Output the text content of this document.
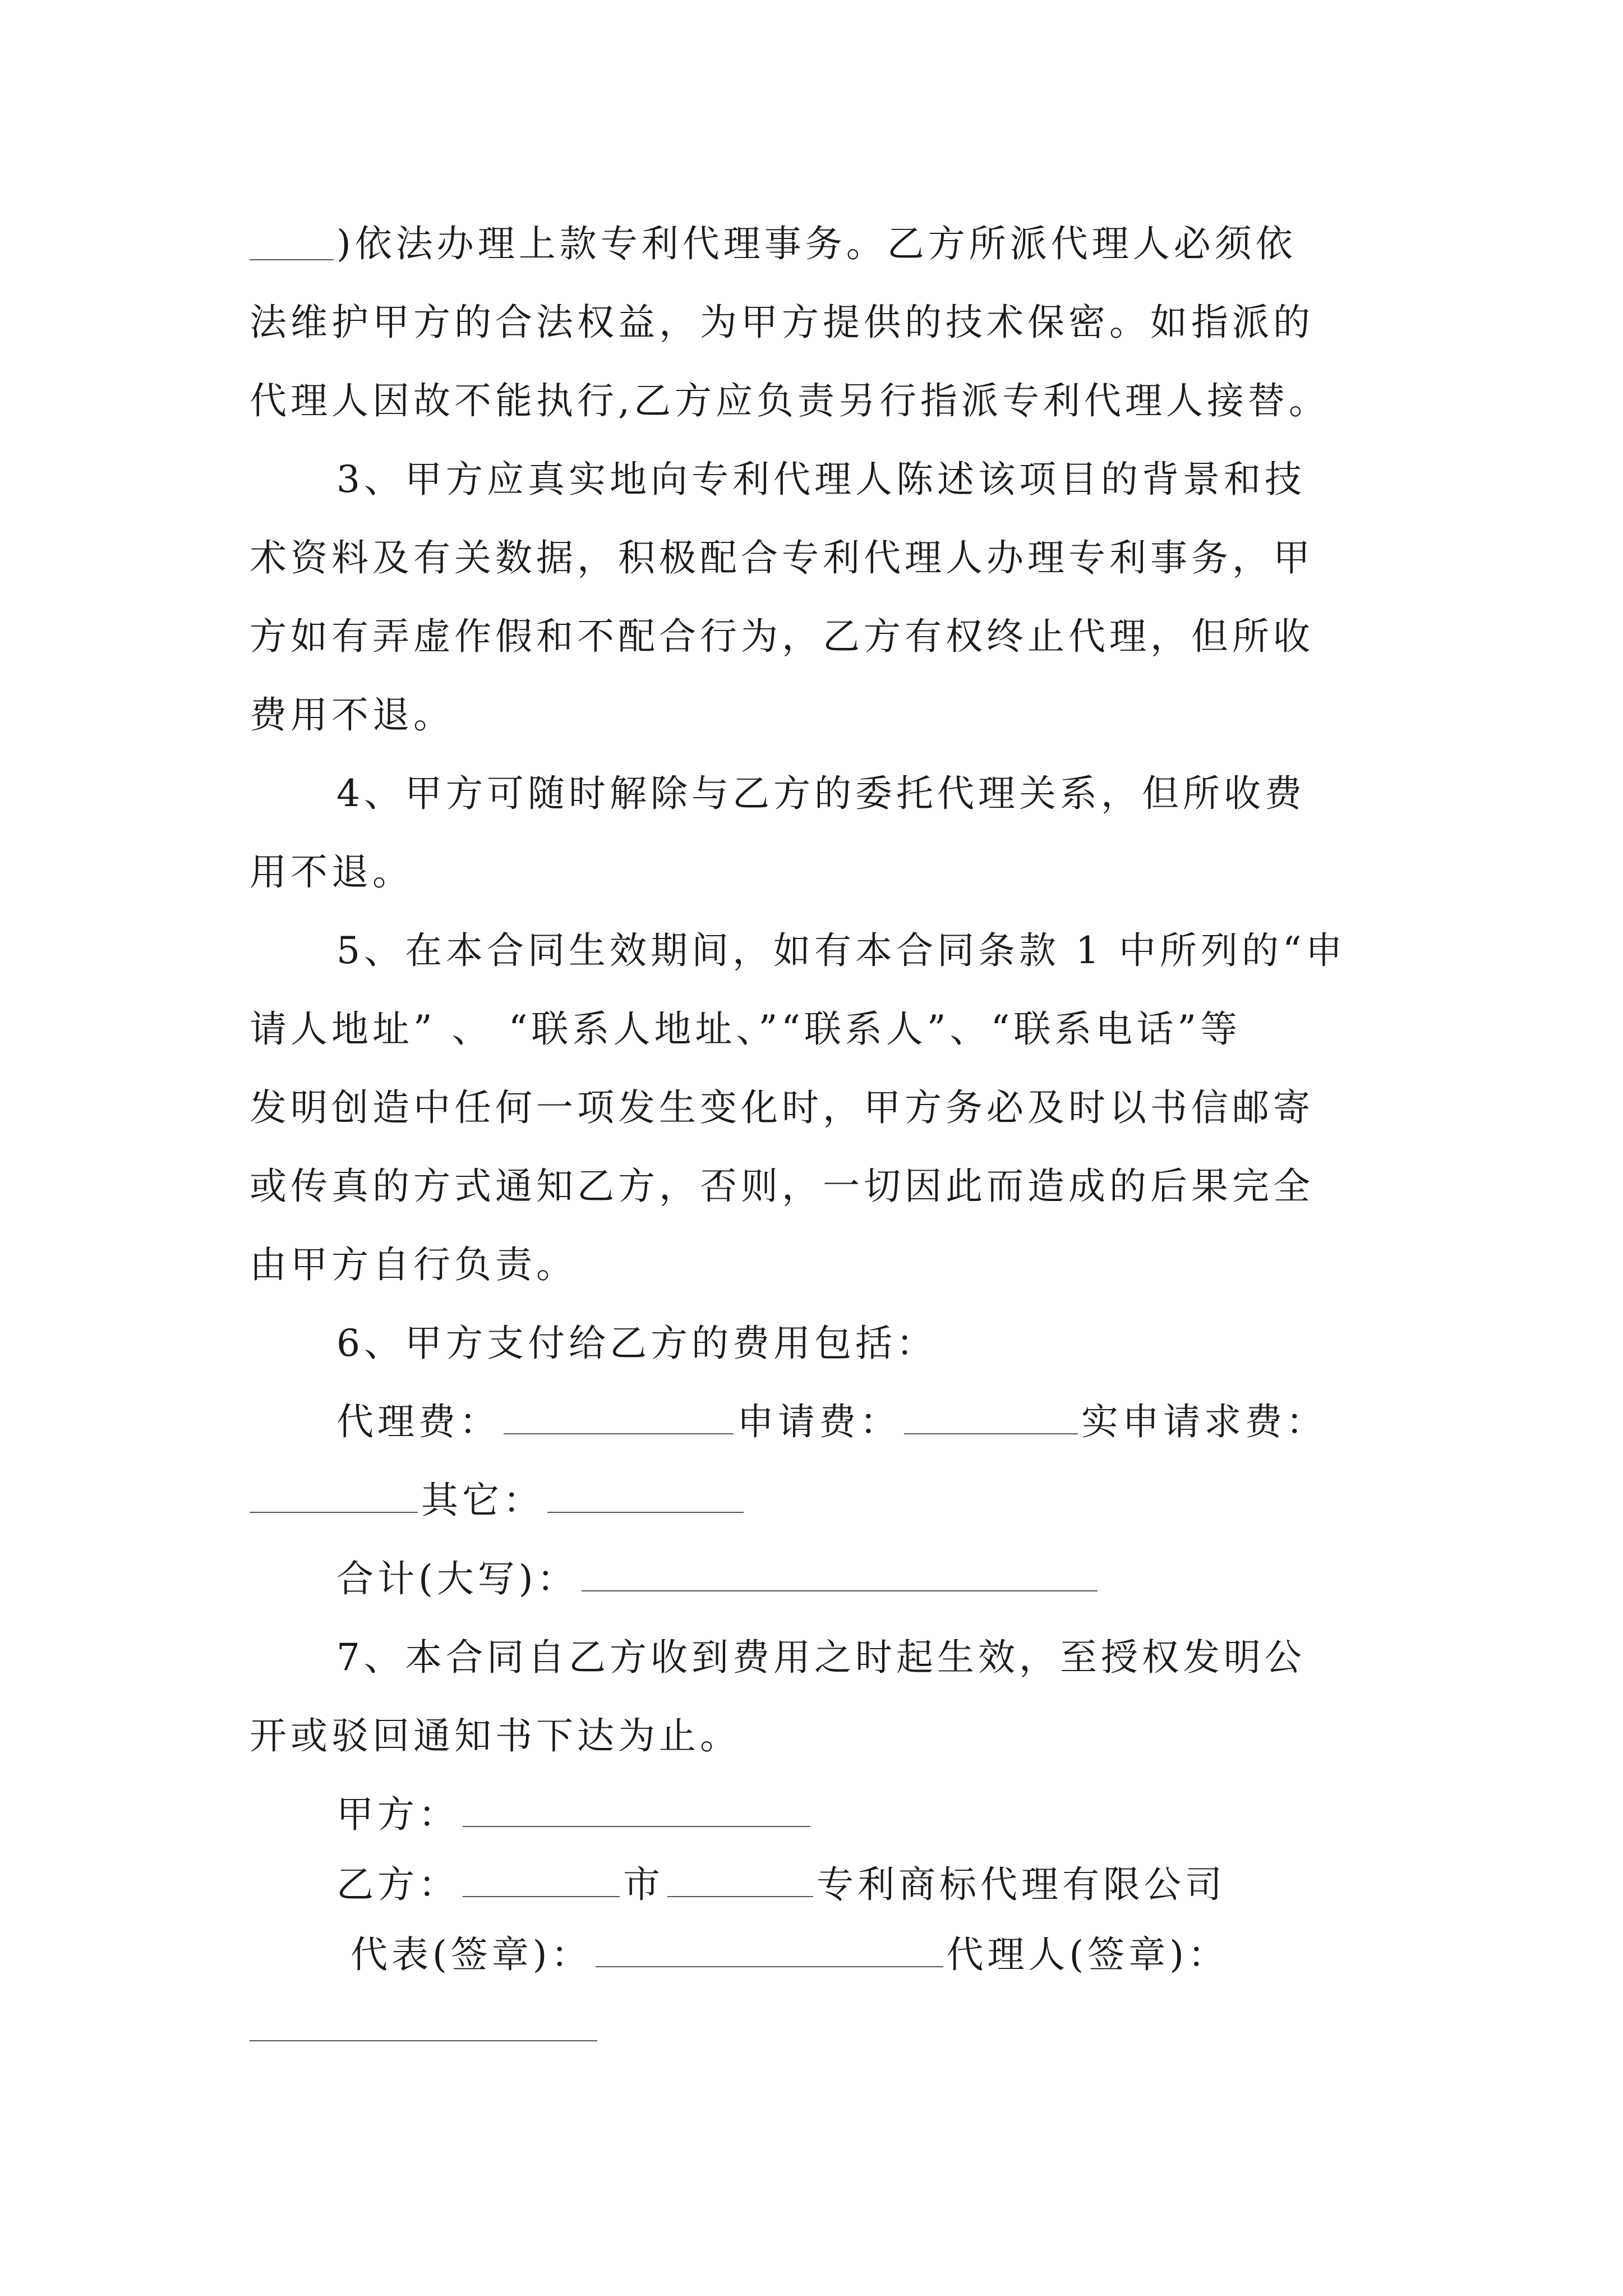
)依法办理上款专利代理事务。乙方所派代理人必须依
法维护甲方的合法权益，为甲方提供的技术保密。如指派的
代理人因故不能执行,乙方应负责另行指派专利代理人接替。
3、甲方应真实地向专利代理人陈述该项目的背景和技
术资料及有关数据，积极配合专利代理人办理专利事务，甲
方如有弄虚作假和不配合行为，乙方有权终止代理，但所收
费用不退。
4、甲方可随时解除与乙方的委托代理关系，但所收费
用不退。
5、在本合同生效期间，如有本合同条款 1 中所列的“申
请人地址” 、 “联系人地址、”“联系人”、“联系电话”等
发明创造中任何一项发生变化时，甲方务必及时以书信邮寄
或传真的方式通知乙方，否则，一切因此而造成的后果完全
由甲方自行负责。
6、甲方支付给乙方的费用包括：
代理费：	申请费：	实申请求费：
其它：
合计(大写)：
7、本合同自乙方收到费用之时起生效，至授权发明公
开或驳回通知书下达为止。
甲方：
乙方：	市	专利商标代理有限公司
代表(签章)：	代理人(签章)：
